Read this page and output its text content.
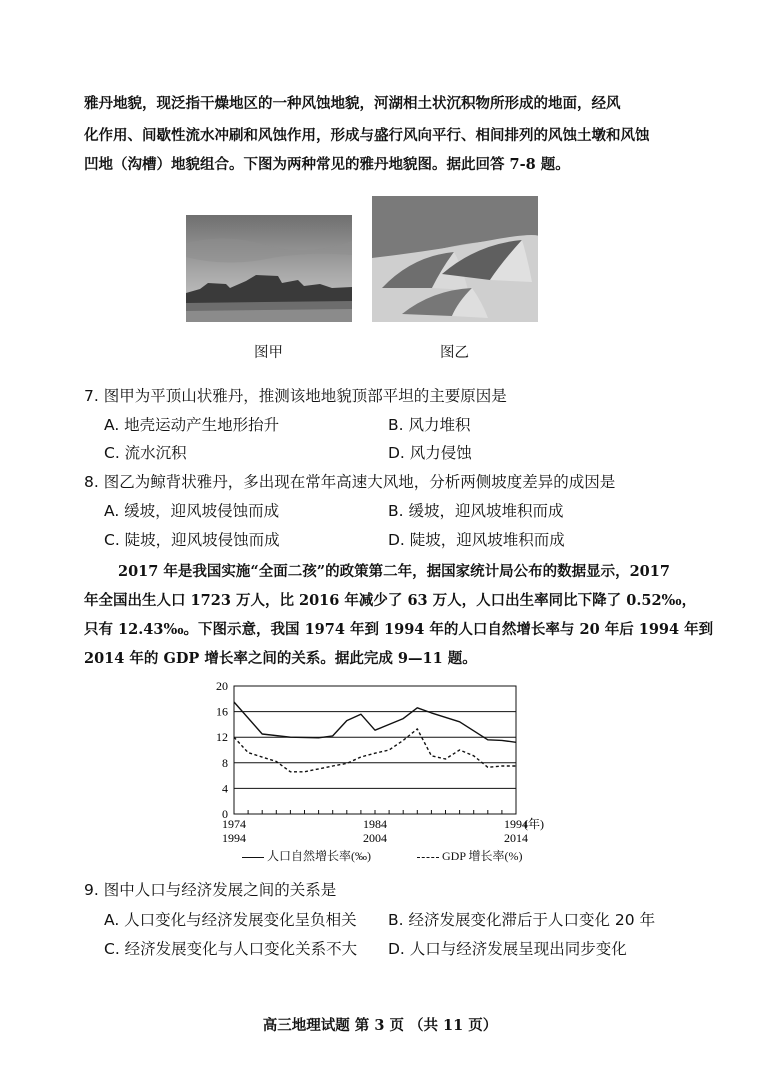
雅丹地貌，现泛指干燥地区的一种风蚀地貌，河湖相土状沉积物所形成的地面，经风
化作用、间歇性流水冲刷和风蚀作用，形成与盛行风向平行、相间排列的风蚀土墩和风蚀
凹地（沟槽）地貌组合。下图为两种常见的雅丹地貌图。据此回答 7-8 题。
图甲	图乙
7. 图甲为平顶山状雅丹，推测该地地貌顶部平坦的主要原因是
A. 地壳运动产生地形抬升	B. 风力堆积
C. 流水沉积	D. 风力侵蚀
8. 图乙为鲸背状雅丹，多出现在常年高速大风地，分析两侧坡度差异的成因是
A. 缓坡，迎风坡侵蚀而成	B. 缓坡，迎风坡堆积而成
C. 陡坡，迎风坡侵蚀而成	D. 陡坡，迎风坡堆积而成
2017 年是我国实施“全面二孩”的政策第二年，据国家统计局公布的数据显示，2017
年全国出生人口 1723 万人，比 2016 年减少了 63 万人，人口出生率同比下降了 0.52‰，
只有 12.43‰。下图示意，我国 1974 年到 1994 年的人口自然增长率与 20 年后 1994 年到
2014 年的 GDP 增长率之间的关系。据此完成 9—11 题。
20
16
12
8
4
0
1974	1984	1994
1994	2004	2014
(年)
人口自然增长率(‰)	GDP 增长率(%)
9. 图中人口与经济发展之间的关系是
A. 人口变化与经济发展变化呈负相关 B. 经济发展变化滞后于人口变化 20 年
C. 经济发展变化与人口变化关系不大 D. 人口与经济发展呈现出同步变化
高三地理试题 第 3 页 （共 11 页）
